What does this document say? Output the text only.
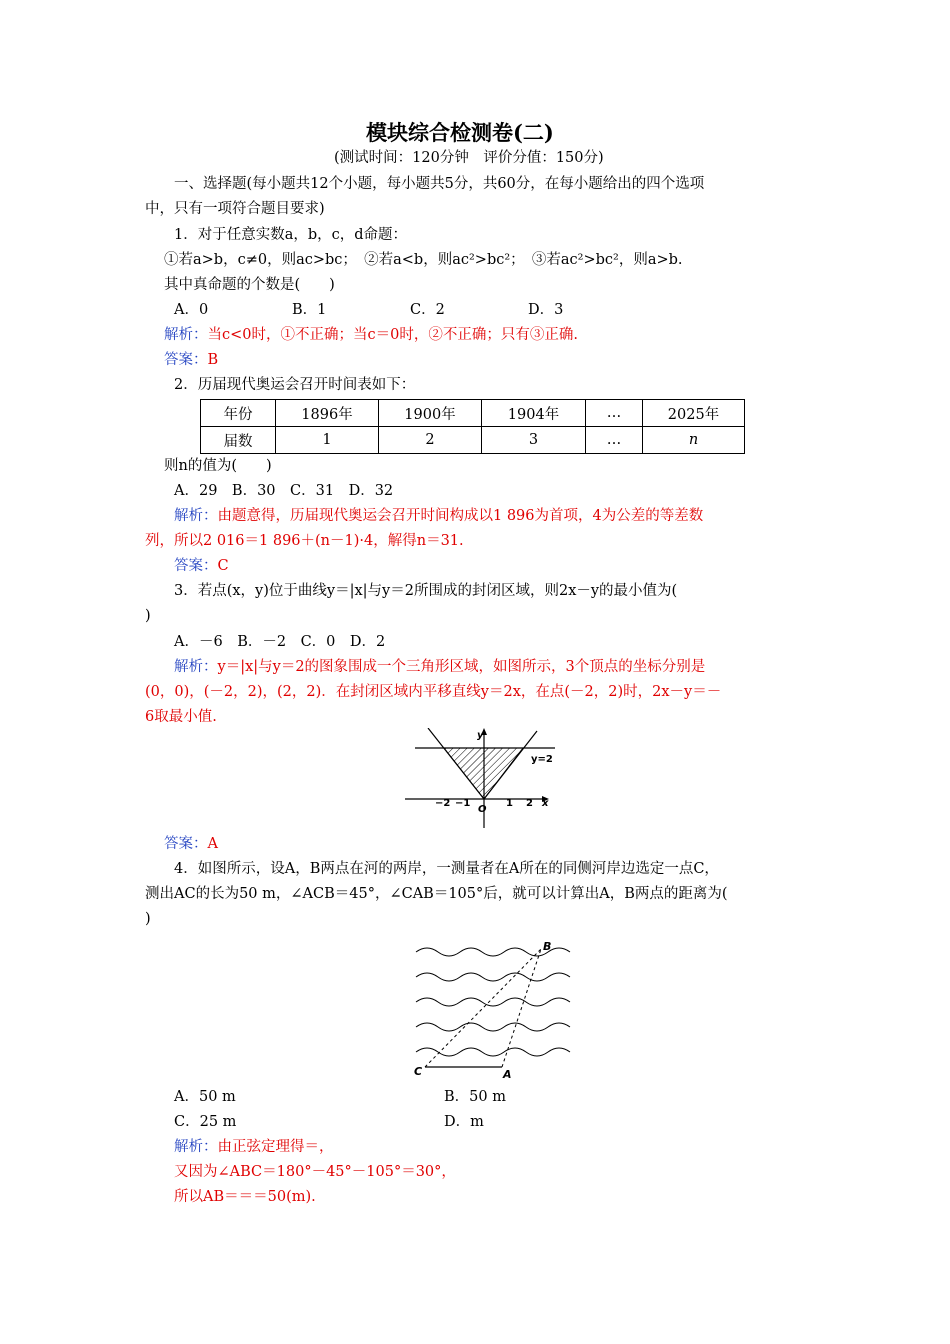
模块综合检测卷(二)
(测试时间：120分钟　评价分值：150分)
一、选择题(每小题共12个小题，每小题共5分，共60分，在每小题给出的四个选项
中，只有一项符合题目要求)
1．对于任意实数a，b，c，d命题：
①若a>b，c≠0，则ac>bc；　②若a<b，则ac²>bc²；　③若ac²>bc²，则a>b.
其中真命题的个数是(　　)
A．0	B．1	C．2	D．3
解析：当c<0时，①不正确；当c＝0时，②不正确；只有③正确.
答案：B
2．历届现代奥运会召开时间表如下：
年份	1896年	1900年	1904年	…	2025年
届数	1	2	3	…	n
则n的值为(　　)
A．29　B．30　C．31　D．32
解析：由题意得，历届现代奥运会召开时间构成以1 896为首项，4为公差的等差数
列，所以2 016＝1 896＋(n－1)·4，解得n＝31.
答案：C
3．若点(x，y)位于曲线y＝|x|与y＝2所围成的封闭区域，则2x－y的最小值为(
)
A．－6　B．－2　C．0　D．2
解析：y＝|x|与y＝2的图象围成一个三角形区域，如图所示，3个顶点的坐标分别是
(0，0)，(－2，2)，(2，2)．在封闭区域内平移直线y＝2x，在点(－2，2)时，2x－y＝－
6取最小值.
y
y=2
O
x
−2 −1	1 2
答案：A
4．如图所示，设A，B两点在河的两岸，一测量者在A所在的同侧河岸边选定一点C，
测出AC的长为50 m，∠ACB＝45°，∠CAB＝105°后，就可以计算出A，B两点的距离为(
)
B
C	A
A．50 m	B．50 m
C．25 m	D．m
解析：由正弦定理得＝，
又因为∠ABC＝180°－45°－105°＝30°，
所以AB＝＝＝50(m).
